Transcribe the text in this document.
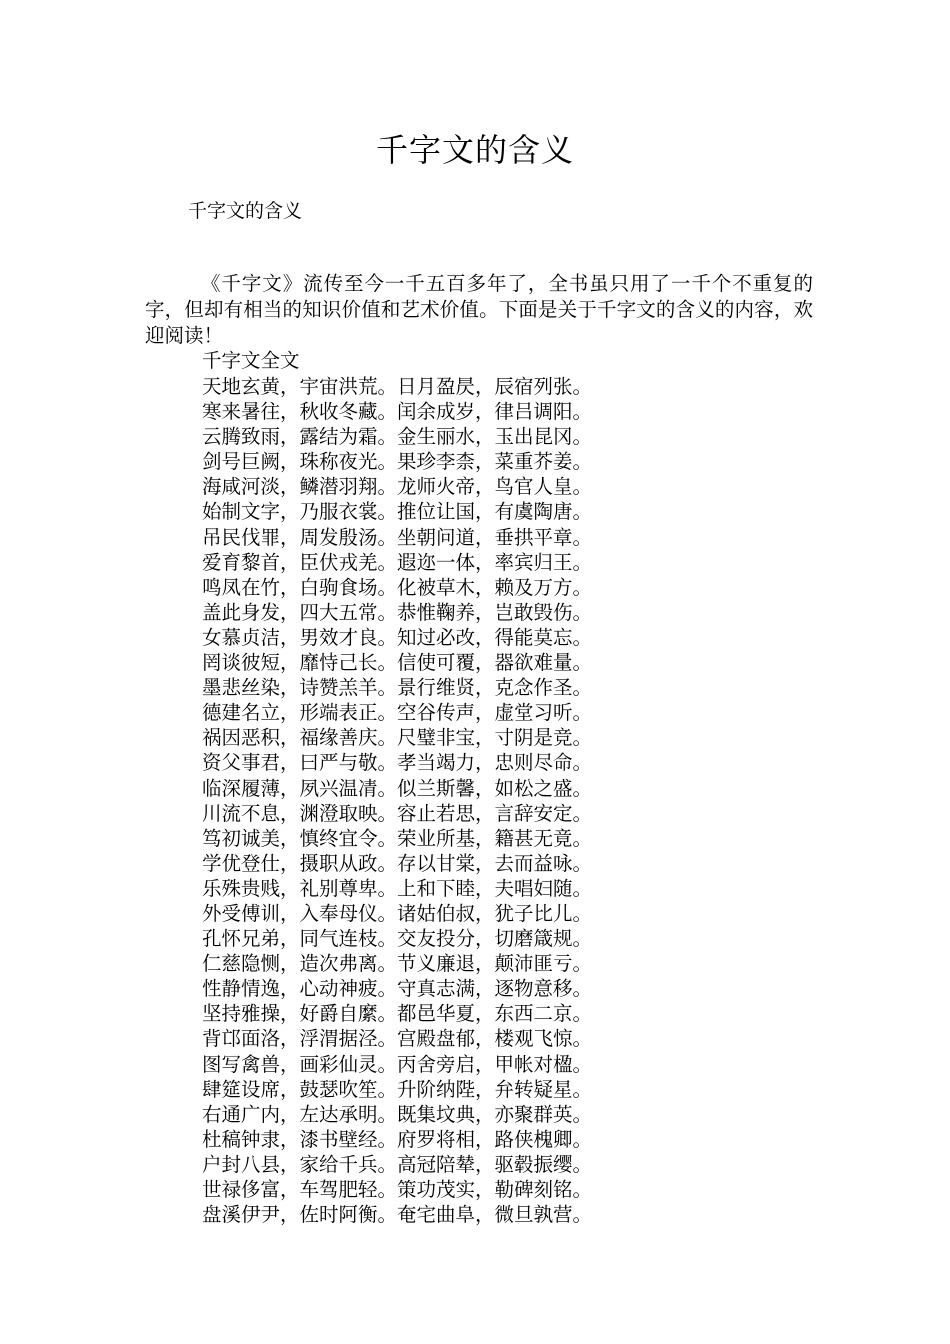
千字文的含义
千字文的含义

《千字文》流传至今一千五百多年了，全书虽只用了一千个不重复的字，但却有相当的知识价值和艺术价值。下面是关于千字文的含义的内容，欢迎阅读！

千字文全文
天地玄黄，宇宙洪荒。日月盈昃，辰宿列张。
寒来暑往，秋收冬藏。闰余成岁，律吕调阳。
云腾致雨，露结为霜。金生丽水，玉出昆冈。
剑号巨阙，珠称夜光。果珍李柰，菜重芥姜。
海咸河淡，鳞潜羽翔。龙师火帝，鸟官人皇。
始制文字，乃服衣裳。推位让国，有虞陶唐。
吊民伐罪，周发殷汤。坐朝问道，垂拱平章。
爱育黎首，臣伏戎羌。遐迩一体，率宾归王。
鸣凤在竹，白驹食场。化被草木，赖及万方。
盖此身发，四大五常。恭惟鞠养，岂敢毁伤。
女慕贞洁，男效才良。知过必改，得能莫忘。
罔谈彼短，靡恃己长。信使可覆，器欲难量。
墨悲丝染，诗赞羔羊。景行维贤，克念作圣。
德建名立，形端表正。空谷传声，虚堂习听。
祸因恶积，福缘善庆。尺璧非宝，寸阴是竞。
资父事君，曰严与敬。孝当竭力，忠则尽命。
临深履薄，夙兴温凊。似兰斯馨，如松之盛。
川流不息，渊澄取映。容止若思，言辞安定。
笃初诚美，慎终宜令。荣业所基，籍甚无竟。
学优登仕，摄职从政。存以甘棠，去而益咏。
乐殊贵贱，礼别尊卑。上和下睦，夫唱妇随。
外受傅训，入奉母仪。诸姑伯叔，犹子比儿。
孔怀兄弟，同气连枝。交友投分，切磨箴规。
仁慈隐恻，造次弗离。节义廉退，颠沛匪亏。
性静情逸，心动神疲。守真志满，逐物意移。
坚持雅操，好爵自縻。都邑华夏，东西二京。
背邙面洛，浮渭据泾。宫殿盘郁，楼观飞惊。
图写禽兽，画彩仙灵。丙舍旁启，甲帐对楹。
肆筵设席，鼓瑟吹笙。升阶纳陛，弁转疑星。
右通广内，左达承明。既集坟典，亦聚群英。
杜稿钟隶，漆书壁经。府罗将相，路侠槐卿。
户封八县，家给千兵。高冠陪辇，驱毂振缨。
世禄侈富，车驾肥轻。策功茂实，勒碑刻铭。
盘溪伊尹，佐时阿衡。奄宅曲阜，微旦孰营。
